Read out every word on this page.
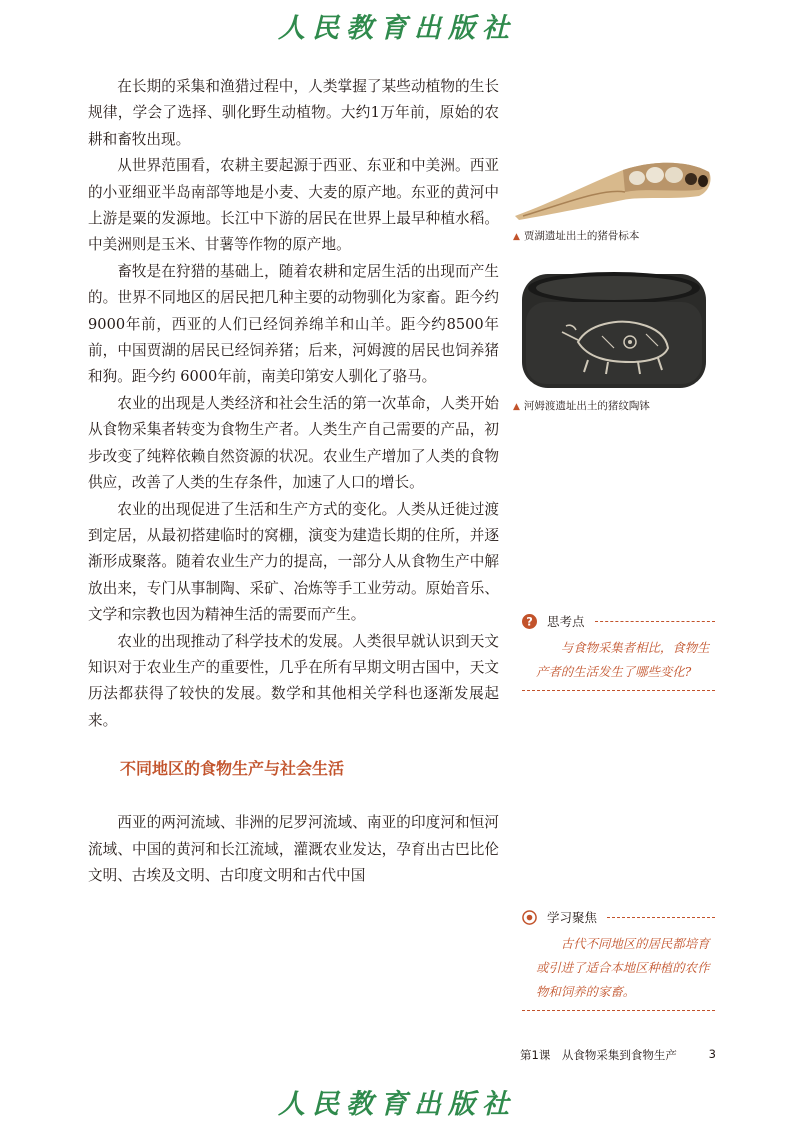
人民教育出版社

在长期的采集和渔猎过程中，人类掌握了某些动植物的生长规律，学会了选择、驯化野生动植物。大约1万年前，原始的农耕和畜牧出现。

从世界范围看，农耕主要起源于西亚、东亚和中美洲。西亚的小亚细亚半岛南部等地是小麦、大麦的原产地。东亚的黄河中上游是粟的发源地。长江中下游的居民在世界上最早种植水稻。中美洲则是玉米、甘薯等作物的原产地。

畜牧是在狩猎的基础上，随着农耕和定居生活的出现而产生的。世界不同地区的居民把几种主要的动物驯化为家畜。距今约9000年前，西亚的人们已经饲养绵羊和山羊。距今约8500年前，中国贾湖的居民已经饲养猪；后来，河姆渡的居民也饲养猪和狗。距今约 6000年前，南美印第安人驯化了骆马。

农业的出现是人类经济和社会生活的第一次革命，人类开始从食物采集者转变为食物生产者。人类生产自己需要的产品，初步改变了纯粹依赖自然资源的状况。农业生产增加了人类的食物供应，改善了人类的生存条件，加速了人口的增长。

农业的出现促进了生活和生产方式的变化。人类从迁徙过渡到定居，从最初搭建临时的窝棚，演变为建造长期的住所，并逐渐形成聚落。随着农业生产力的提高，一部分人从食物生产中解放出来，专门从事制陶、采矿、冶炼等手工业劳动。原始音乐、文学和宗教也因为精神生活的需要而产生。

农业的出现推动了科学技术的发展。人类很早就认识到天文知识对于农业生产的重要性，几乎在所有早期文明古国中，天文历法都获得了较快的发展。数学和其他相关学科也逐渐发展起来。

不同地区的食物生产与社会生活

西亚的两河流域、非洲的尼罗河流域、南亚的印度河和恒河流域、中国的黄河和长江流域，灌溉农业发达，孕育出古巴比伦文明、古埃及文明、古印度文明和古代中国

▲ 贾湖遗址出土的猪骨标本
▲ 河姆渡遗址出土的猪纹陶钵
? 思考点
与食物采集者相比，食物生产者的生活发生了哪些变化?
学习聚焦
古代不同地区的居民都培育或引进了适合本地区种植的农作物和饲养的家畜。
第1课　从食物采集到食物生产	3
人民教育出版社
